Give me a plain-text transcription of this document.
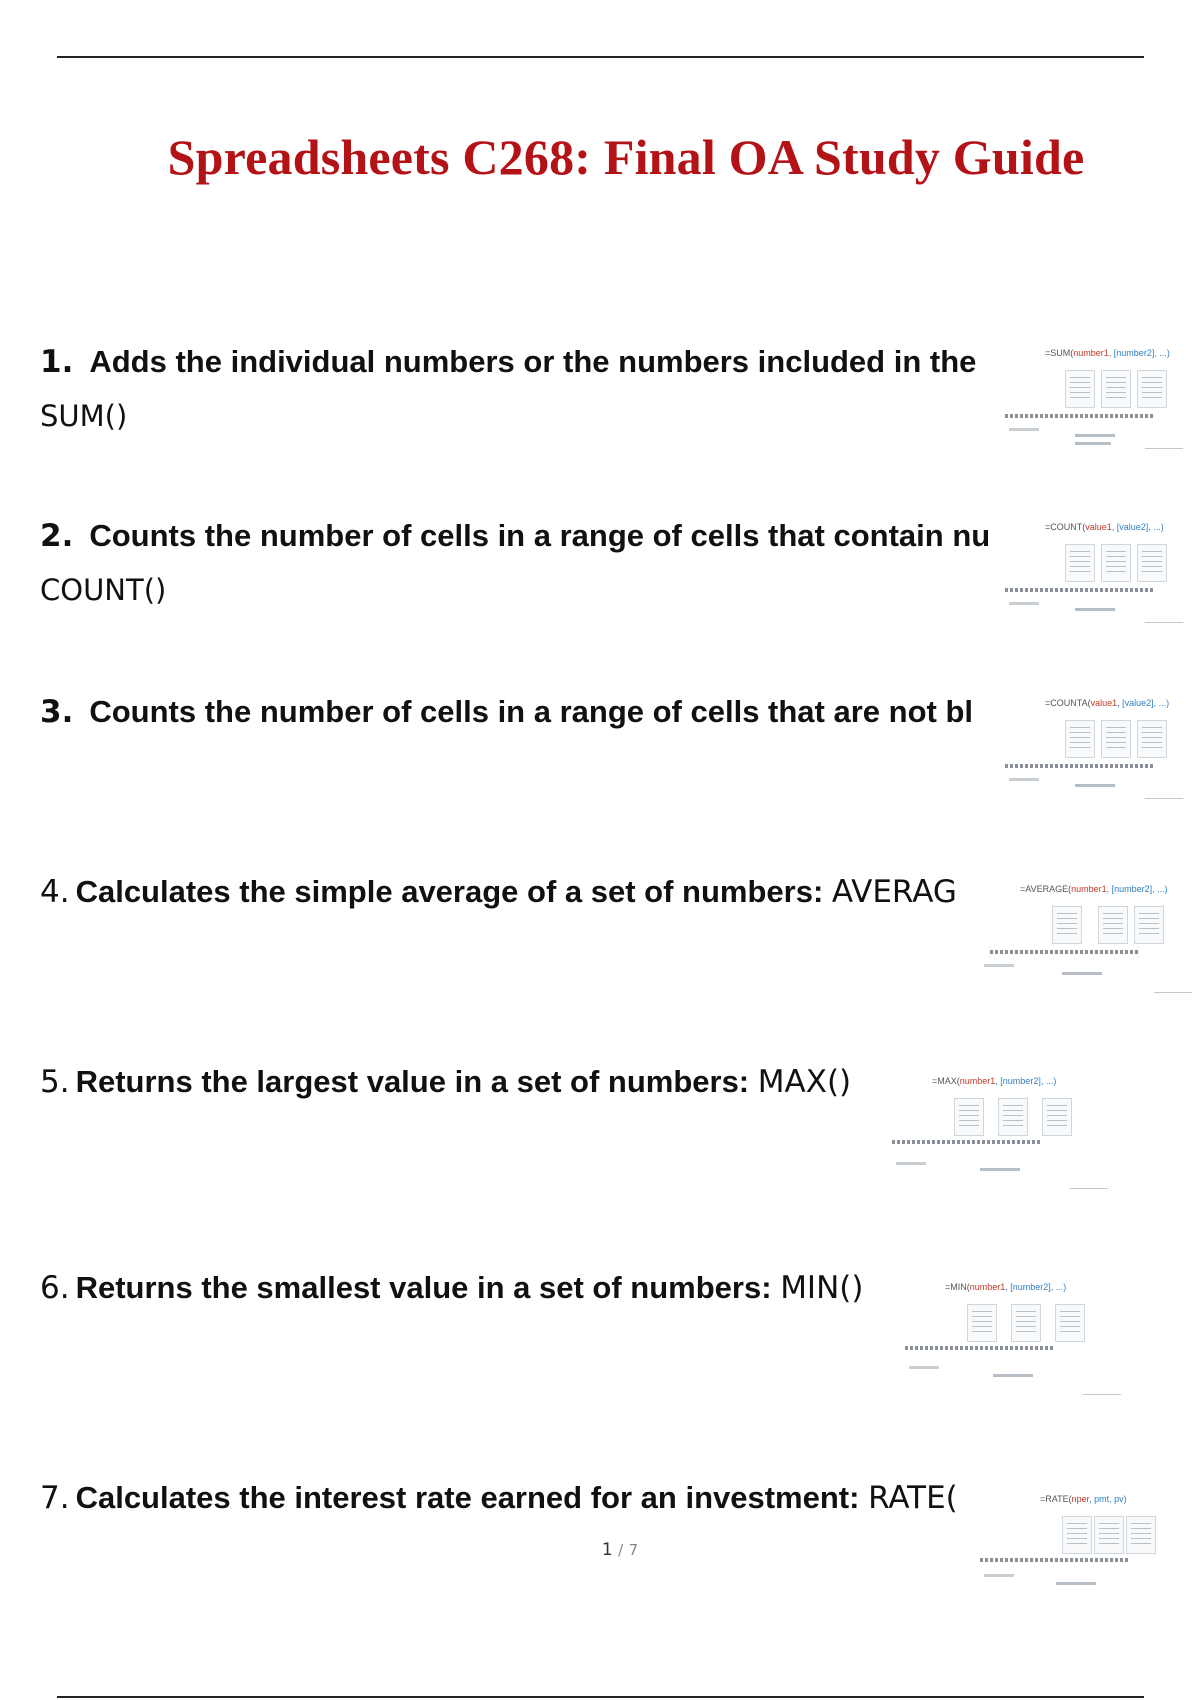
Spreadsheets C268: Final OA Study Guide
1. Adds the individual numbers or the numbers included in the
SUM()
=SUM(number1, [number2], ...)
2. Counts the number of cells in a range of cells that contain nu
COUNT()
=COUNT(value1, [value2], ...)
3. Counts the number of cells in a range of cells that are not bl	=COUNTA(value1, [value2], ...)
4. Calculates the simple average of a set of numbers: AVERAG	=AVERAGE(number1, [number2], ...)
5. Returns the largest value in a set of numbers: MAX()	=MAX(number1, [number2], ...)
6. Returns the smallest value in a set of numbers: MIN()	=MIN(number1, [number2], ...)
7. Calculates the interest rate earned for an investment: RATE(	=RATE(nper, pmt, pv)
1 / 7
